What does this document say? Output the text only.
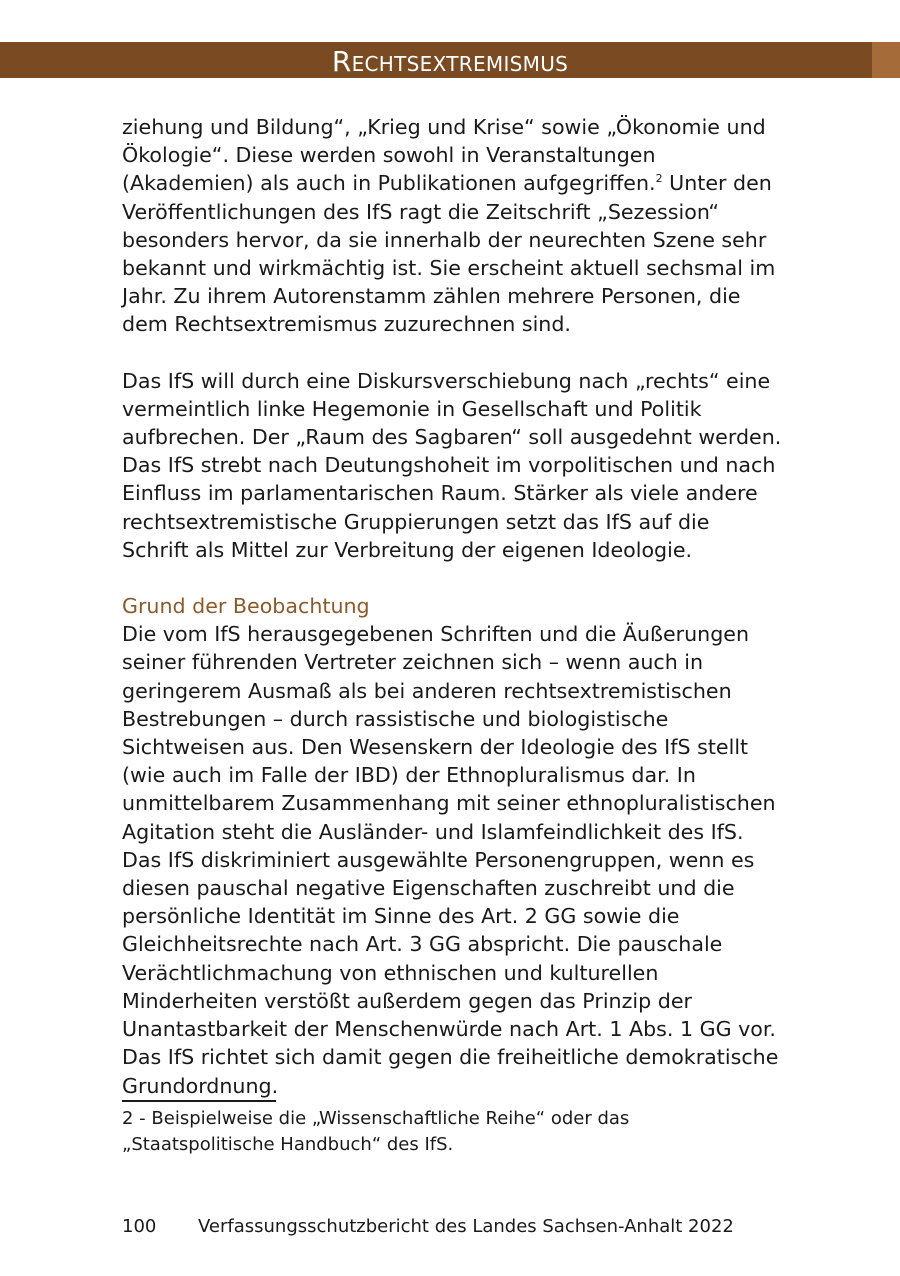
Rechtsextremismus

ziehung und Bildung“, „Krieg und Krise“ sowie „Ökonomie und Ökologie“. Diese werden sowohl in Veranstaltungen (Akademien) als auch in Publikationen aufgegriffen.$^2$ Unter den Veröffentlichungen des IfS ragt die Zeitschrift „Sezession“ besonders hervor, da sie innerhalb der neurechten Szene sehr bekannt und wirkmächtig ist. Sie erscheint aktuell sechsmal im Jahr. Zu ihrem Autorenstamm zählen mehrere Personen, die dem Rechtsextremismus zuzurechnen sind.

Das IfS will durch eine Diskursverschiebung nach „rechts“ eine vermeintlich linke Hegemonie in Gesellschaft und Politik aufbrechen. Der „Raum des Sagbaren“ soll ausgedehnt werden. Das IfS strebt nach Deutungshoheit im vorpolitischen und nach Einfluss im parlamentarischen Raum. Stärker als viele andere rechtsextremistische Gruppierungen setzt das IfS auf die Schrift als Mittel zur Verbreitung der eigenen Ideologie.

Grund der Beobachtung

Die vom IfS herausgegebenen Schriften und die Äußerungen seiner führenden Vertreter zeichnen sich – wenn auch in geringerem Ausmaß als bei anderen rechtsextremistischen Bestrebungen – durch rassistische und biologistische Sichtweisen aus. Den Wesenskern der Ideologie des IfS stellt (wie auch im Falle der IBD) der Ethnopluralismus dar. In unmittelbarem Zusammenhang mit seiner ethnopluralistischen Agitation steht die Ausländer- und Islamfeindlichkeit des IfS. Das IfS diskriminiert ausgewählte Personengruppen, wenn es diesen pauschal negative Eigenschaften zuschreibt und die persönliche Identität im Sinne des Art. 2 GG sowie die Gleichheitsrechte nach Art. 3 GG abspricht. Die pauschale Verächtlichmachung von ethnischen und kulturellen Minderheiten verstößt außerdem gegen das Prinzip der Unantastbarkeit der Menschenwürde nach Art. 1 Abs. 1 GG vor. Das IfS richtet sich damit gegen die freiheitliche demokratische Grundordnung.

2 - Beispielweise die „Wissenschaftliche Reihe“ oder das „Staatspolitische Handbuch“ des IfS.

100 Verfassungsschutzbericht des Landes Sachsen-Anhalt 2022
